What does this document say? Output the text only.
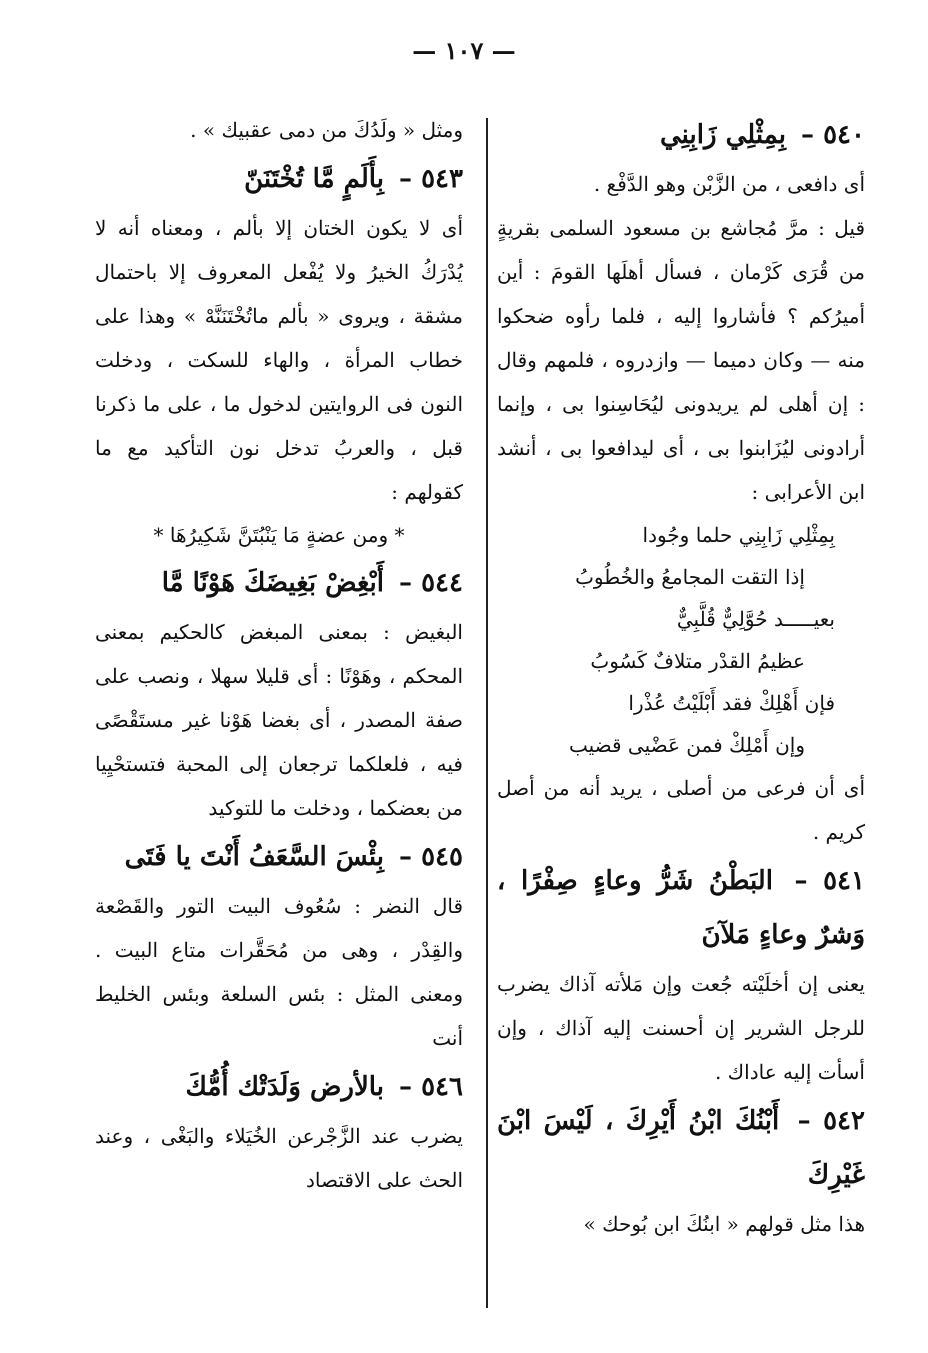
— ١٠٧ —
٥٤٠ – بِمِثْلِي زَابِنِي

أى دافعى ، من الزَّبْن وهو الدَّفْع .

قيل : مرَّ مُجاشع بن مسعود السلمى بقريةٍ من قُرَى كَرْمان ، فسأل أهلَها القومَ : أين أميرُكم ؟ فأشاروا إليه ، فلما رأوه ضحكوا منه — وكان دميما — وازدروه ، فلمهم وقال : إن أهلى لم يريدونى ليُحَاسِنوا بى ، وإنما أرادونى ليُزَابنوا بى ، أى ليدافعوا بى ، أنشد ابن الأعرابى :

بِمِثْلِي زَابِنِي حلما وجُودا

إذا التقت المجامعُ والخُطُوبُ

بعيـــــد حُوَّلِيٌّ قُلَّبِيٌّ

عظيمُ القدْر متلافٌ كَسُوبُ

فإن أَهْلِكْ فقد أَبْلَيْتُ عُذْرا

وإن أَمْلِكْ فمن عَضْيى قضيب

أى أن فرعى من أصلى ، يريد أنه من أصل كريم .

٥٤١ – البَطْنُ شَرُّ وعاءٍ صِفْرًا ، وَشرٌ وعاءٍ مَلآنَ

يعنى إن أخلَيْته جُعت وإن مَلأته آذاك يضرب للرجل الشرير إن أحسنت إليه آذاك ، وإن أسأت إليه عاداك .

٥٤٢ – أَبْنُكَ ابْنُ أَيْرِكَ ، لَيْسَ ابْنَ غَيْرِكَ

هذا مثل قولهم « ابنُكَ ابن بُوحك »

ومثل « ولَدُكَ من دمى عقبيك » .

٥٤٣ – بِأَلَمٍ مَّا تُخْتَنَنّ

أى لا يكون الختان إلا بألم ، ومعناه أنه لا يُدْرَكُ الخيرُ ولا يُفْعل المعروف إلا باحتمال مشقة ، ويروى « بألم ماتُخْتَنَنَّهْ » وهذا على خطاب المرأة ، والهاء للسكت ، ودخلت النون فى الروايتين لدخول ما ، على ما ذكرنا قبل ، والعربُ تدخل نون التأكيد مع ما كقولهم :

* ومن عضةٍ مَا يَنْبُتَنَّ شَكِيرُهَا *

٥٤٤ – أَبْغِضْ بَغِيضَكَ هَوْنًا مَّا

البغيض : بمعنى المبغض كالحكيم بمعنى المحكم ، وهَوْنًا : أى قليلا سهلا ، ونصب على صفة المصدر ، أى بغضا هَوْنا غير مستَقْصًى فيه ، فلعلكما ترجعان إلى المحبة فتستحْيِيا من بعضكما ، ودخلت ما للتوكيد

٥٤٥ – بِئْسَ السَّعَفُ أَنْتَ يا فَتَى

قال النضر : سُعُوف البيت التور والقَصْعة والقِدْر ، وهى من مُحَقَّرات متاع البيت . ومعنى المثل : بئس السلعة وبئس الخليط أنت

٥٤٦ – بالأرض وَلَدَتْك أُمُّكَ

يضرب عند الزَّجْرعن الخُيَلاء والبَغْى ، وعند الحث على الاقتصاد
